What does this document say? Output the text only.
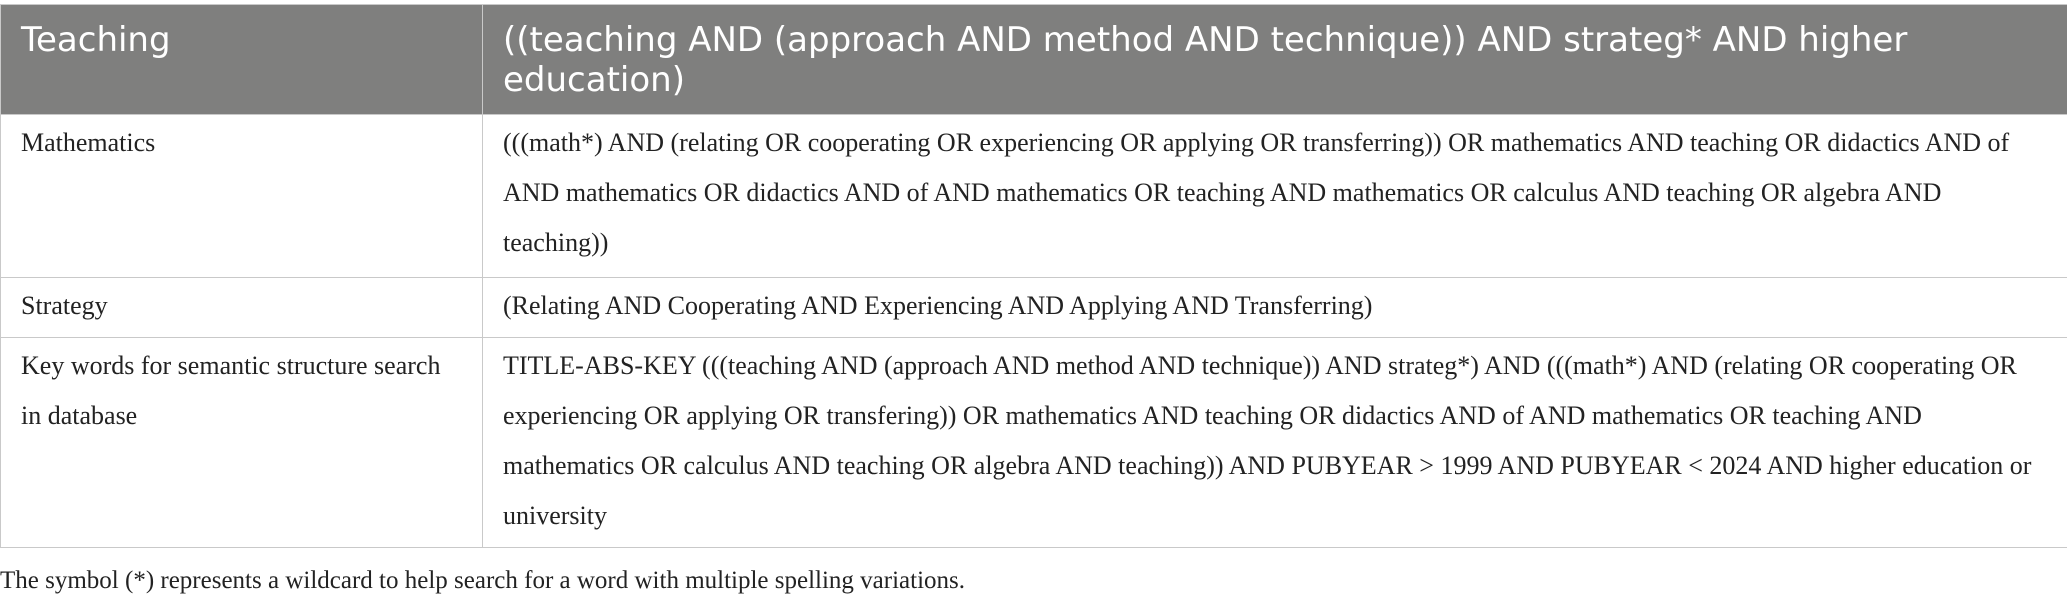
Teaching	((teaching AND (approach AND method AND technique)) AND strateg* AND higher education)
Mathematics	(((math*) AND (relating OR cooperating OR experiencing OR applying OR transferring)) OR mathematics AND teaching OR didactics AND of AND mathematics OR didactics AND of AND mathematics OR teaching AND mathematics OR calculus AND teaching OR algebra AND teaching))
Strategy	(Relating AND Cooperating AND Experiencing AND Applying AND Transferring)
Key words for semantic structure search in database	TITLE-ABS-KEY (((teaching AND (approach AND method AND technique)) AND strateg*) AND (((math*) AND (relating OR cooperating OR experiencing OR applying OR transfering)) OR mathematics AND teaching OR didactics AND of AND mathematics OR teaching AND mathematics OR calculus AND teaching OR algebra AND teaching)) AND PUBYEAR > 1999 AND PUBYEAR < 2024 AND higher education or university
The symbol (*) represents a wildcard to help search for a word with multiple spelling variations.
